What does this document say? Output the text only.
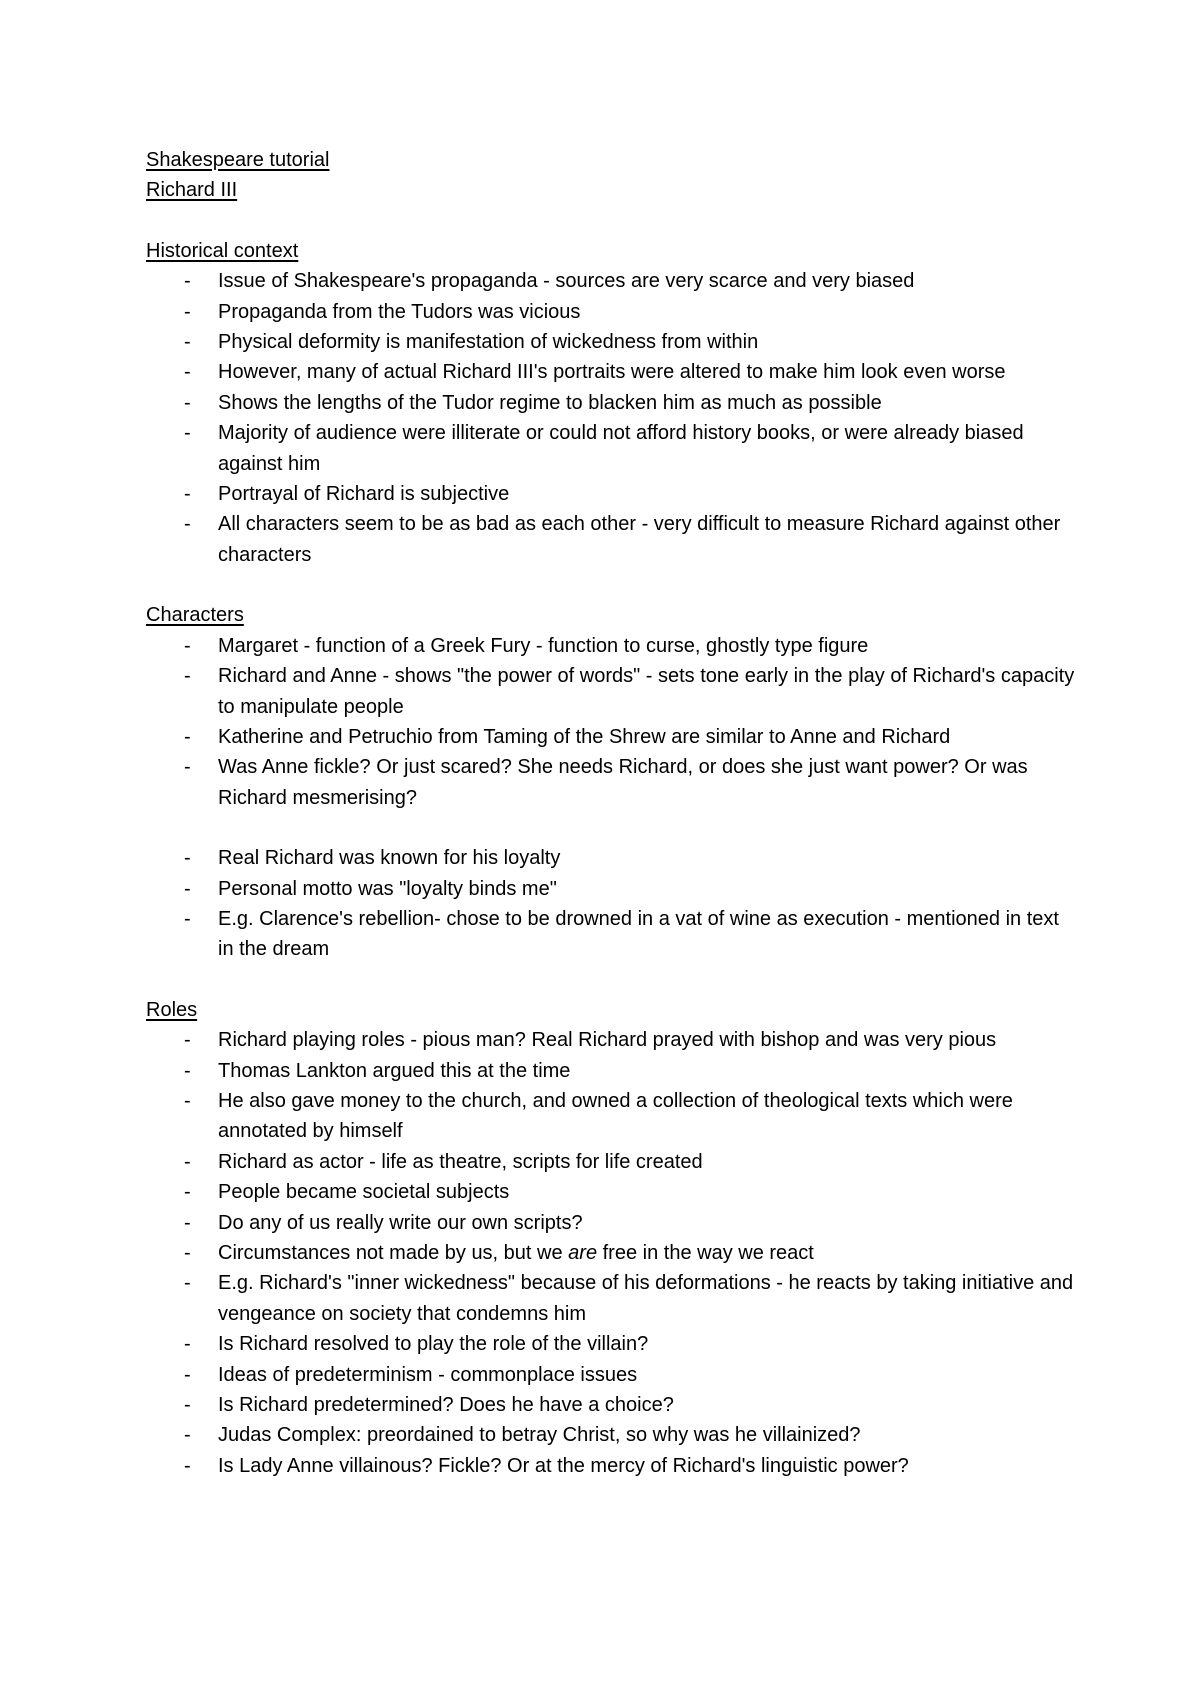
Shakespeare tutorial
Richard III
Historical context
- Issue of Shakespeare's propaganda - sources are very scarce and very biased
- Propaganda from the Tudors was vicious
- Physical deformity is manifestation of wickedness from within
- However, many of actual Richard III's portraits were altered to make him look even worse
- Shows the lengths of the Tudor regime to blacken him as much as possible
- Majority of audience were illiterate or could not afford history books, or were already biased against him
- Portrayal of Richard is subjective
- All characters seem to be as bad as each other - very difficult to measure Richard against other characters
Characters
- Margaret - function of a Greek Fury - function to curse, ghostly type figure
- Richard and Anne - shows "the power of words" - sets tone early in the play of Richard's capacity to manipulate people
- Katherine and Petruchio from Taming of the Shrew are similar to Anne and Richard
- Was Anne fickle? Or just scared? She needs Richard, or does she just want power? Or was Richard mesmerising?
- Real Richard was known for his loyalty
- Personal motto was "loyalty binds me"
- E.g. Clarence's rebellion- chose to be drowned in a vat of wine as execution - mentioned in text in the dream
Roles
- Richard playing roles - pious man? Real Richard prayed with bishop and was very pious
- Thomas Lankton argued this at the time
- He also gave money to the church, and owned a collection of theological texts which were annotated by himself
- Richard as actor - life as theatre, scripts for life created
- People became societal subjects
- Do any of us really write our own scripts?
- Circumstances not made by us, but we are free in the way we react
- E.g. Richard's "inner wickedness" because of his deformations - he reacts by taking initiative and vengeance on society that condemns him
- Is Richard resolved to play the role of the villain?
- Ideas of predeterminism - commonplace issues
- Is Richard predetermined? Does he have a choice?
- Judas Complex: preordained to betray Christ, so why was he villainized?
- Is Lady Anne villainous? Fickle? Or at the mercy of Richard's linguistic power?
